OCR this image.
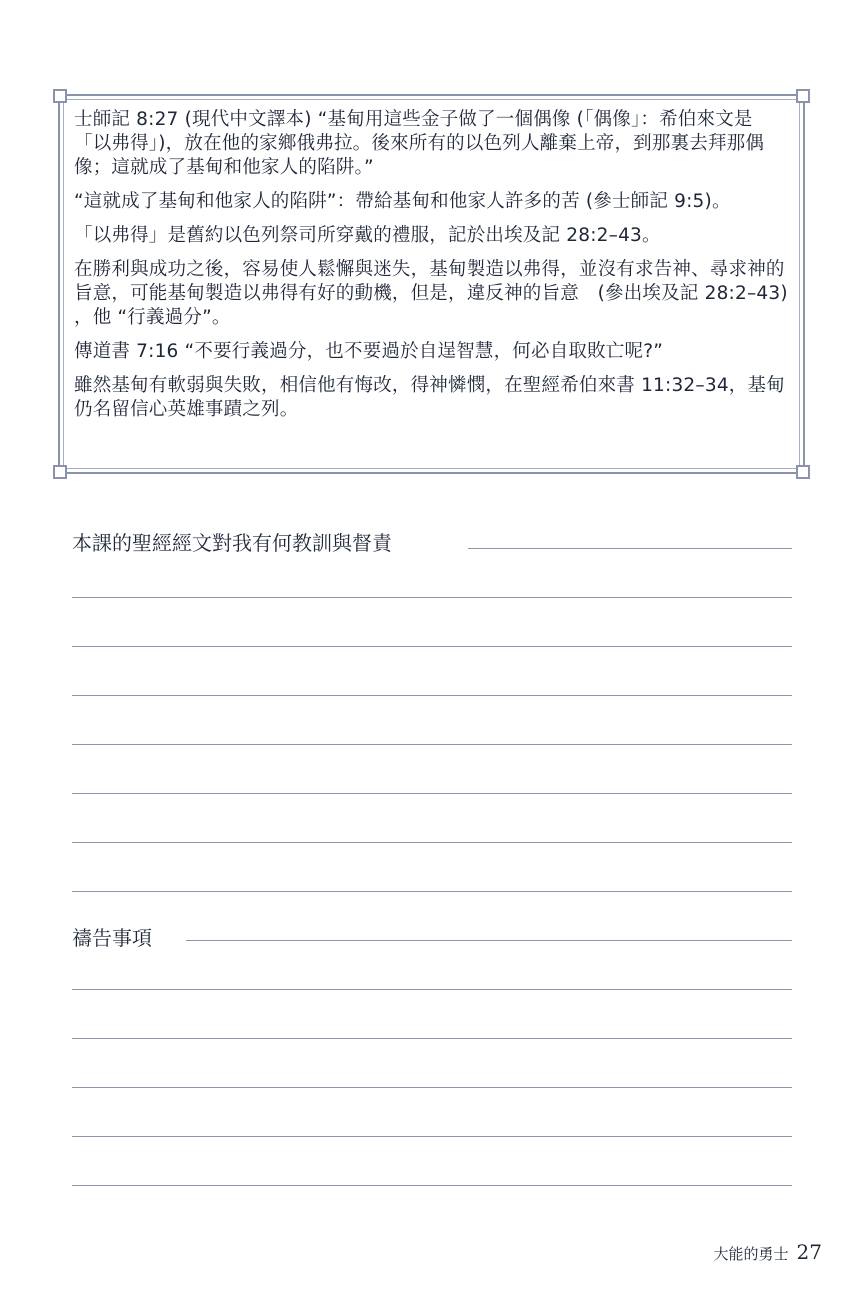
士師記 8:27 (現代中文譯本) “基甸用這些金子做了一個偶像 (「偶像」：希伯來文是「以弗得」)，放在他的家鄉俄弗拉。後來所有的以色列人離棄上帝，到那裏去拜那偶像；這就成了基甸和他家人的陷阱。”

“這就成了基甸和他家人的陷阱”：帶給基甸和他家人許多的苦 (參士師記 9:5)。

「以弗得」是舊約以色列祭司所穿戴的禮服，記於出埃及記 28:2–43。

在勝利與成功之後，容易使人鬆懈與迷失，基甸製造以弗得，並沒有求告神、尋求神的旨意，可能基甸製造以弗得有好的動機，但是，違反神的旨意　(參出埃及記 28:2–43) ，他 “行義過分”。

傳道書 7:16 “不要行義過分，也不要過於自逞智慧，何必自取敗亡呢?”

雖然基甸有軟弱與失敗，相信他有悔改，得神憐憫，在聖經希伯來書 11:32–34，基甸仍名留信心英雄事蹟之列。

本課的聖經經文對我有何教訓與督責
禱告事項
大能的勇士 27
